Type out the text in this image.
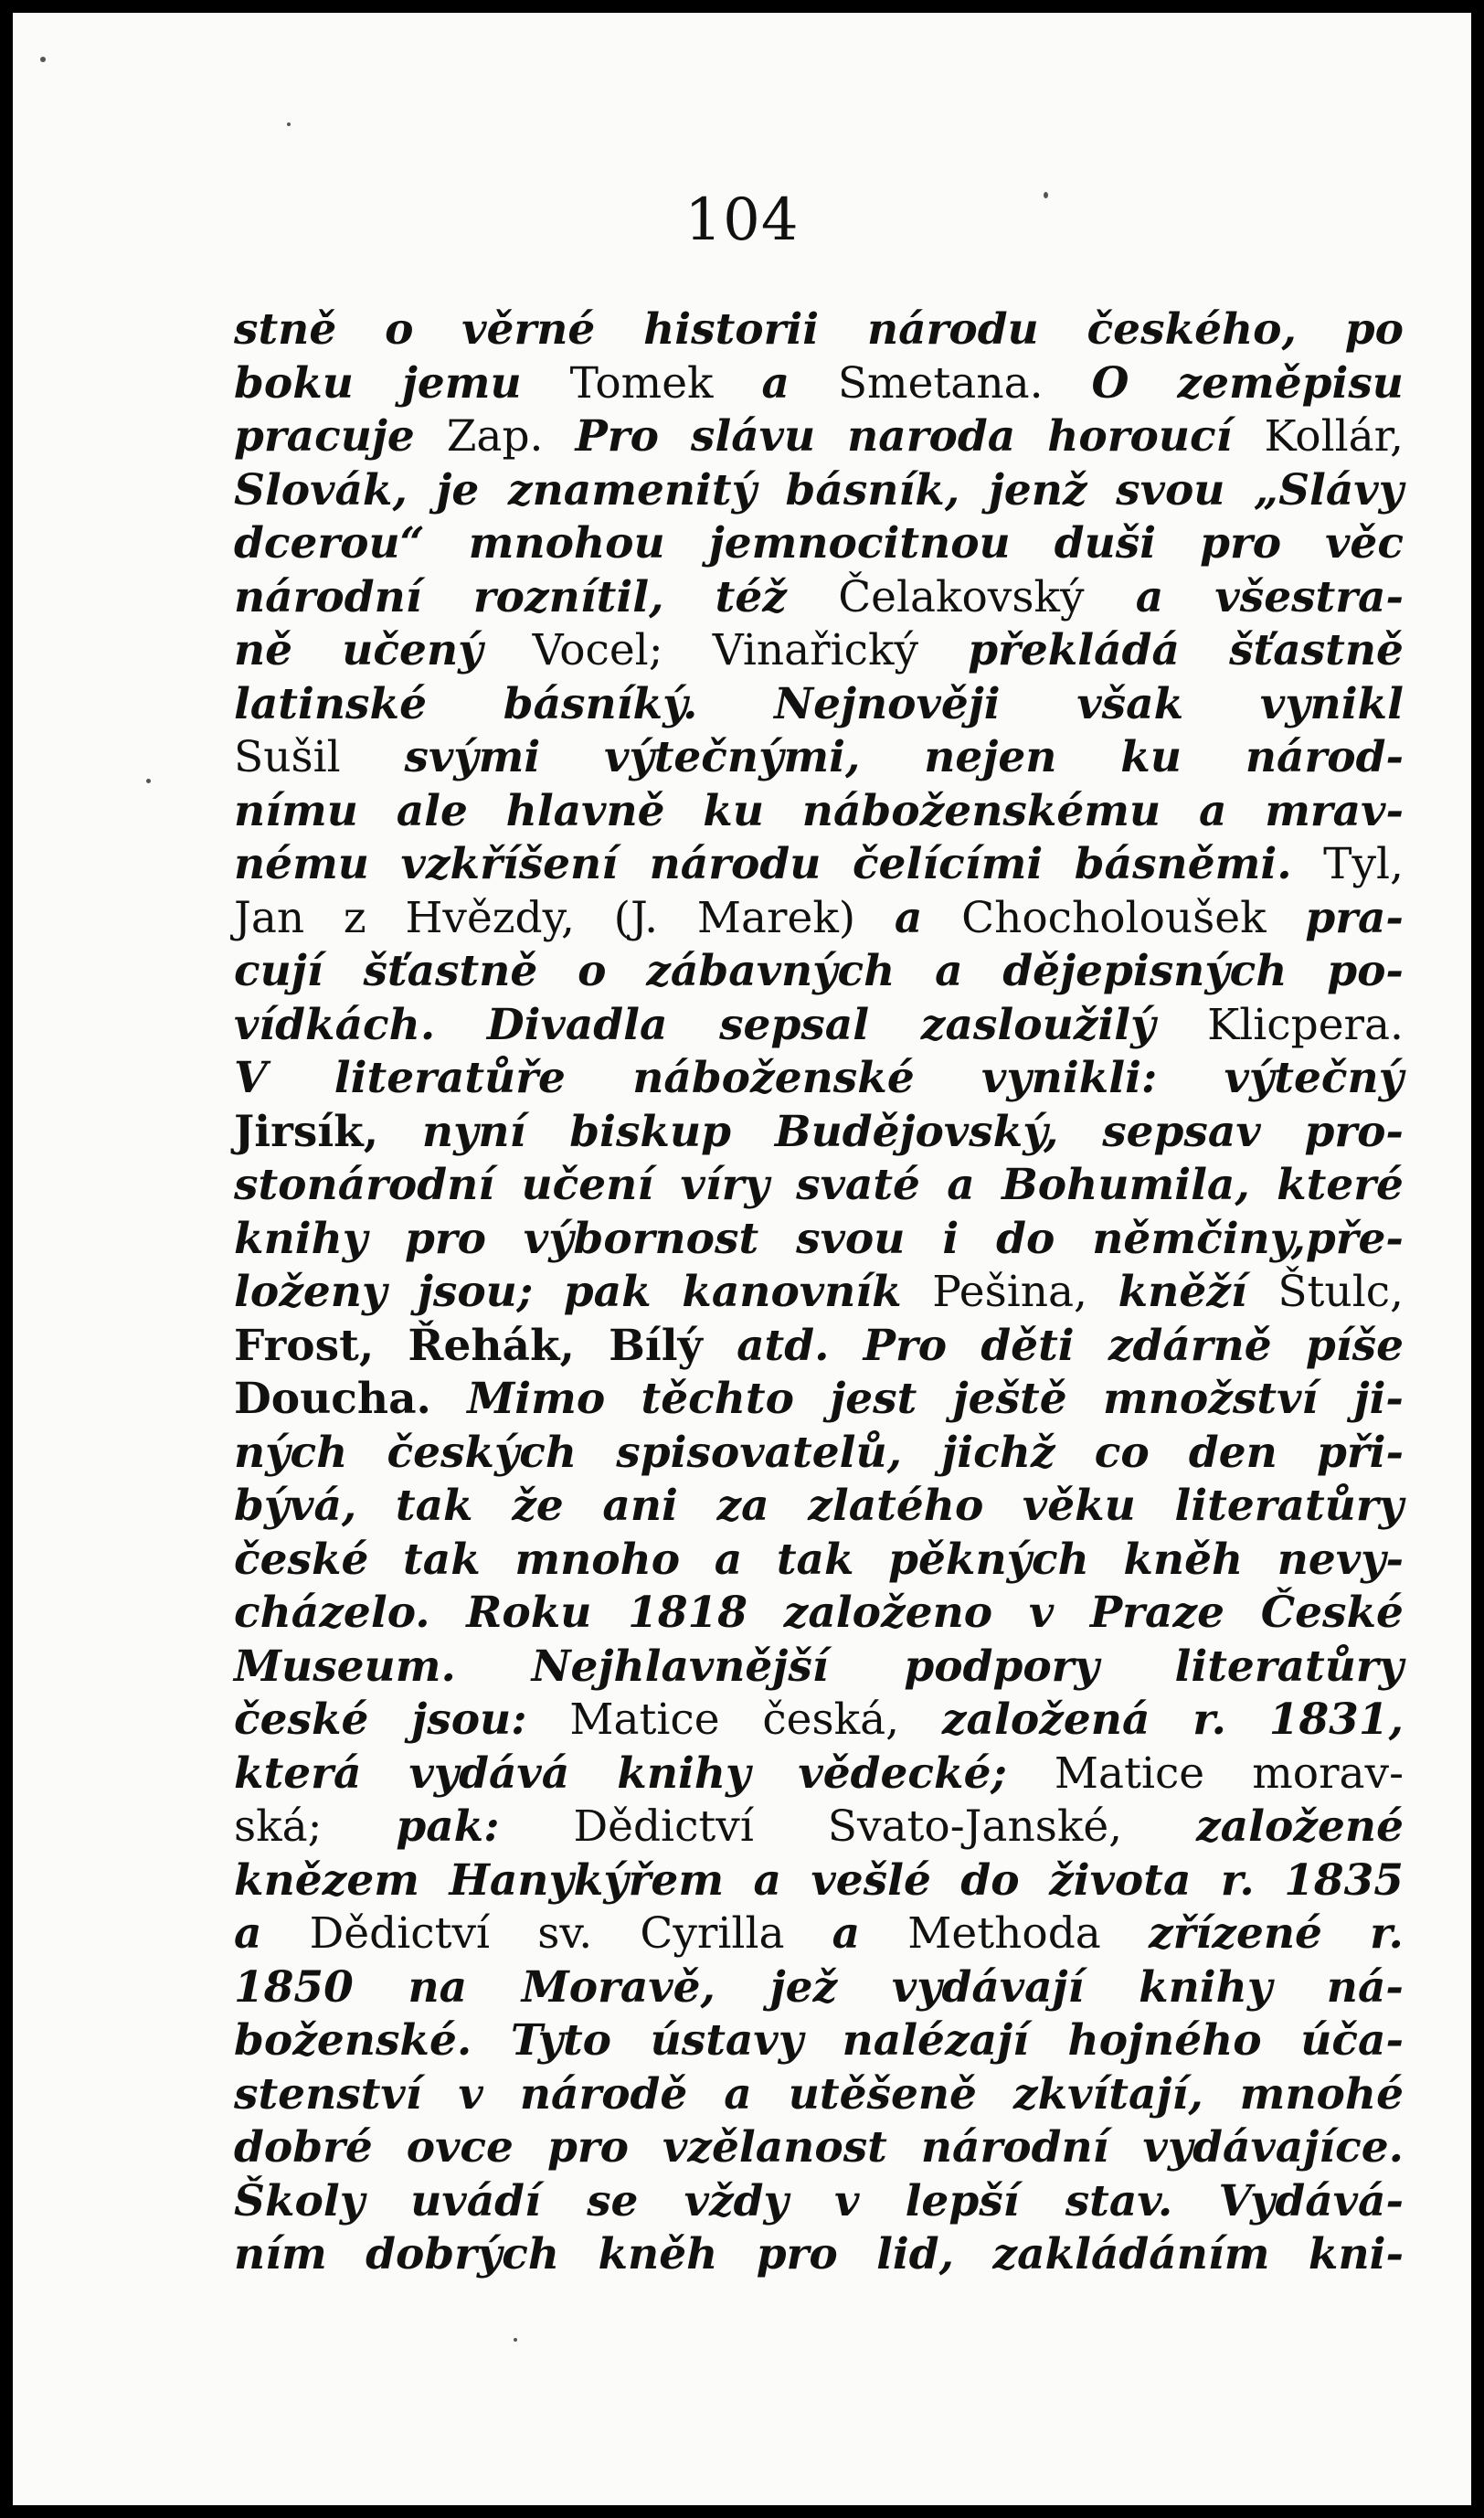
104
stně o věrné historii národu českého, po
boku jemu Tomek a Smetana. O zeměpisu
pracuje Zap. Pro slávu naroda horoucí Kollár,
Slovák, je znamenitý básník, jenž svou „Slávy
dcerou“ mnohou jemnocitnou duši pro věc
národní roznítil, též Čelakovský a všestra-
ně učený Vocel; Vinařický překládá šťastně
latinské básníký. Nejnověji však vynikl
Sušil svými výtečnými, nejen ku národ-
nímu ale hlavně ku náboženskému a mrav-
nému vzkříšení národu čelícími básněmi. Tyl,
Jan z Hvězdy, (J. Marek) a Chocholoušek pra-
cují šťastně o zábavných a dějepisných po-
vídkách. Divadla sepsal zasloužilý Klicpera.
V literatůře náboženské vynikli: výtečný
Jirsík, nyní biskup Budějovský, sepsav pro-
stonárodní učení víry svaté a Bohumila, které
knihy pro výbornost svou i do němčiny,pře-
loženy jsou; pak kanovník Pešina, kněží Štulc,
Frost, Řehák, Bílý atd. Pro děti zdárně píše
Doucha. Mimo těchto jest ještě množství ji-
ných českých spisovatelů, jichž co den při-
bývá, tak že ani za zlatého věku literatůry
české tak mnoho a tak pěkných kněh nevy-
cházelo. Roku 1818 založeno v Praze České
Museum. Nejhlavnější podpory literatůry
české jsou: Matice česká, založená r. 1831,
která vydává knihy vědecké; Matice morav-
ská; pak: Dědictví Svato-Janské, založené
knězem Hanykýřem a vešlé do života r. 1835
a Dědictví sv. Cyrilla a Methoda zřízené r.
1850 na Moravě, jež vydávají knihy ná-
boženské. Tyto ústavy nalézají hojného úča-
stenství v národě a utěšeně zkvítají, mnohé
dobré ovce pro vzělanost národní vydávajíce.
Školy uvádí se vždy v lepší stav. Vydává-
ním dobrých kněh pro lid, zakládáním kni-
